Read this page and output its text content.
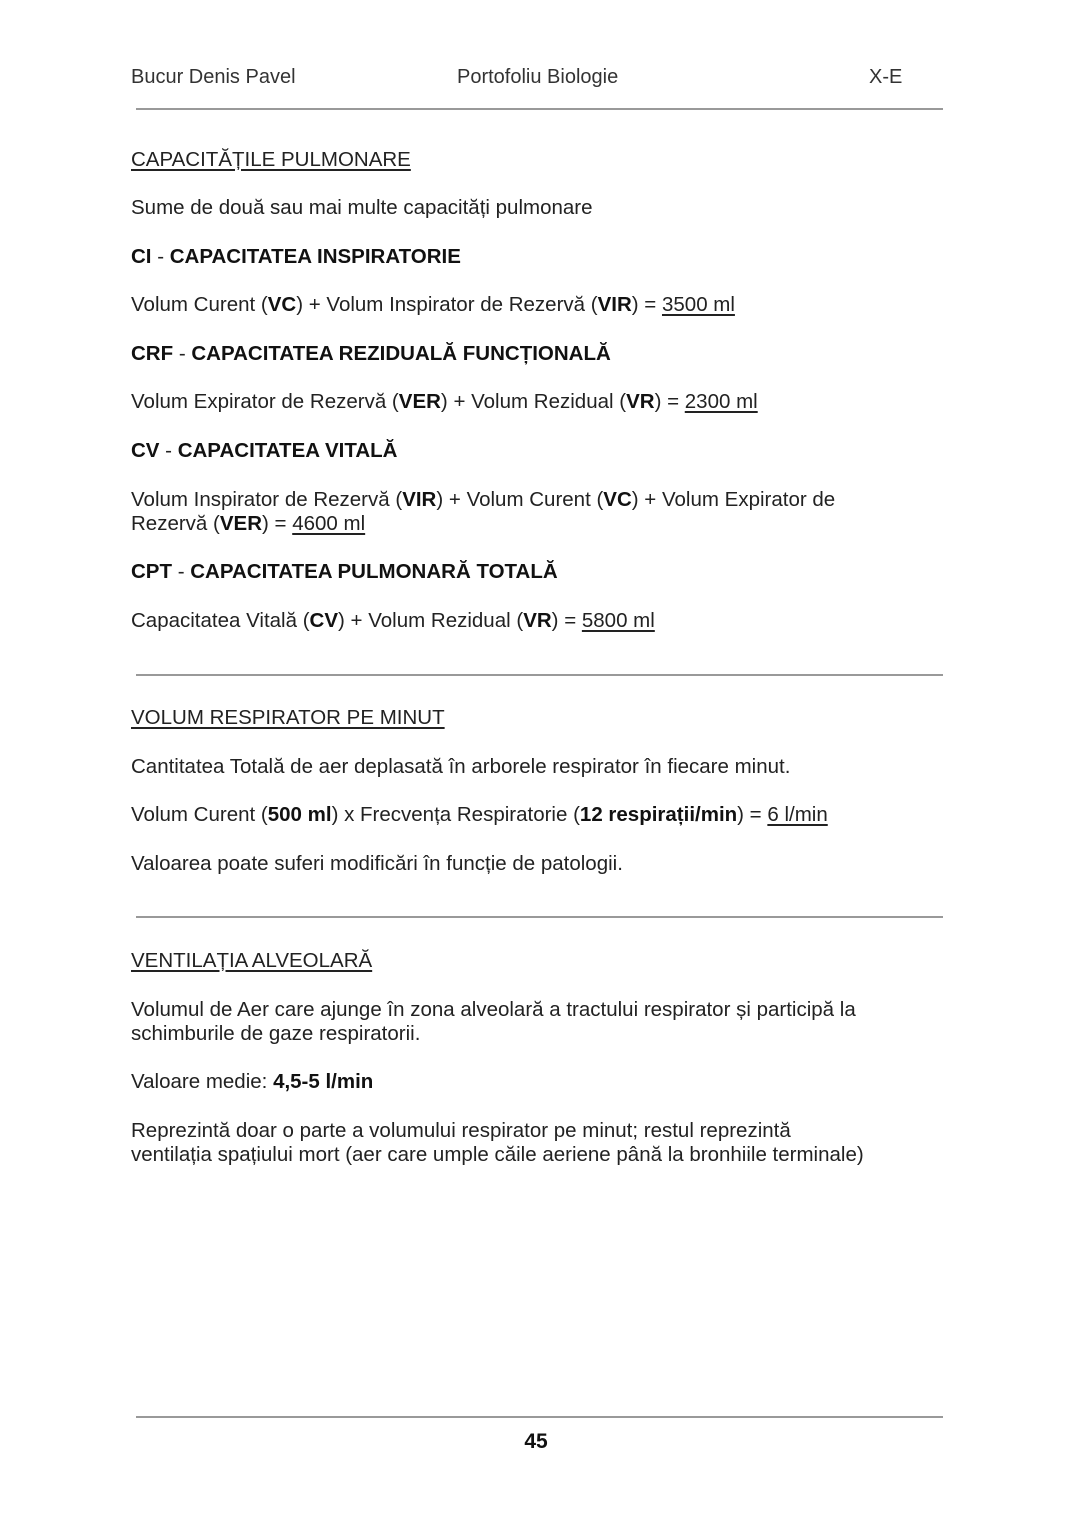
Bucur Denis Pavel	Portofoliu Biologie	X-E
CAPACITĂȚILE PULMONARE
Sume de două sau mai multe capacități pulmonare
CI - CAPACITATEA INSPIRATORIE
Volum Curent (VC) + Volum Inspirator de Rezervă (VIR) = 3500 ml
CRF - CAPACITATEA REZIDUALĂ FUNCȚIONALĂ
Volum Expirator de Rezervă (VER) + Volum Rezidual (VR) = 2300 ml
CV - CAPACITATEA VITALĂ
Volum Inspirator de Rezervă (VIR) + Volum Curent (VC) + Volum Expirator de
Rezervă (VER) = 4600 ml
CPT - CAPACITATEA PULMONARĂ TOTALĂ
Capacitatea Vitală (CV) + Volum Rezidual (VR) = 5800 ml
VOLUM RESPIRATOR PE MINUT
Cantitatea Totală de aer deplasată în arborele respirator în fiecare minut.
Volum Curent (500 ml) x Frecvența Respiratorie (12 respirații/min) = 6 l/min
Valoarea poate suferi modificări în funcție de patologii.
VENTILAȚIA ALVEOLARĂ
Volumul de Aer care ajunge în zona alveolară a tractului respirator și participă la
schimburile de gaze respiratorii.
Valoare medie: 4,5-5 l/min
Reprezintă doar o parte a volumului respirator pe minut; restul reprezintă
ventilația spațiului mort (aer care umple căile aeriene până la bronhiile terminale)
45
